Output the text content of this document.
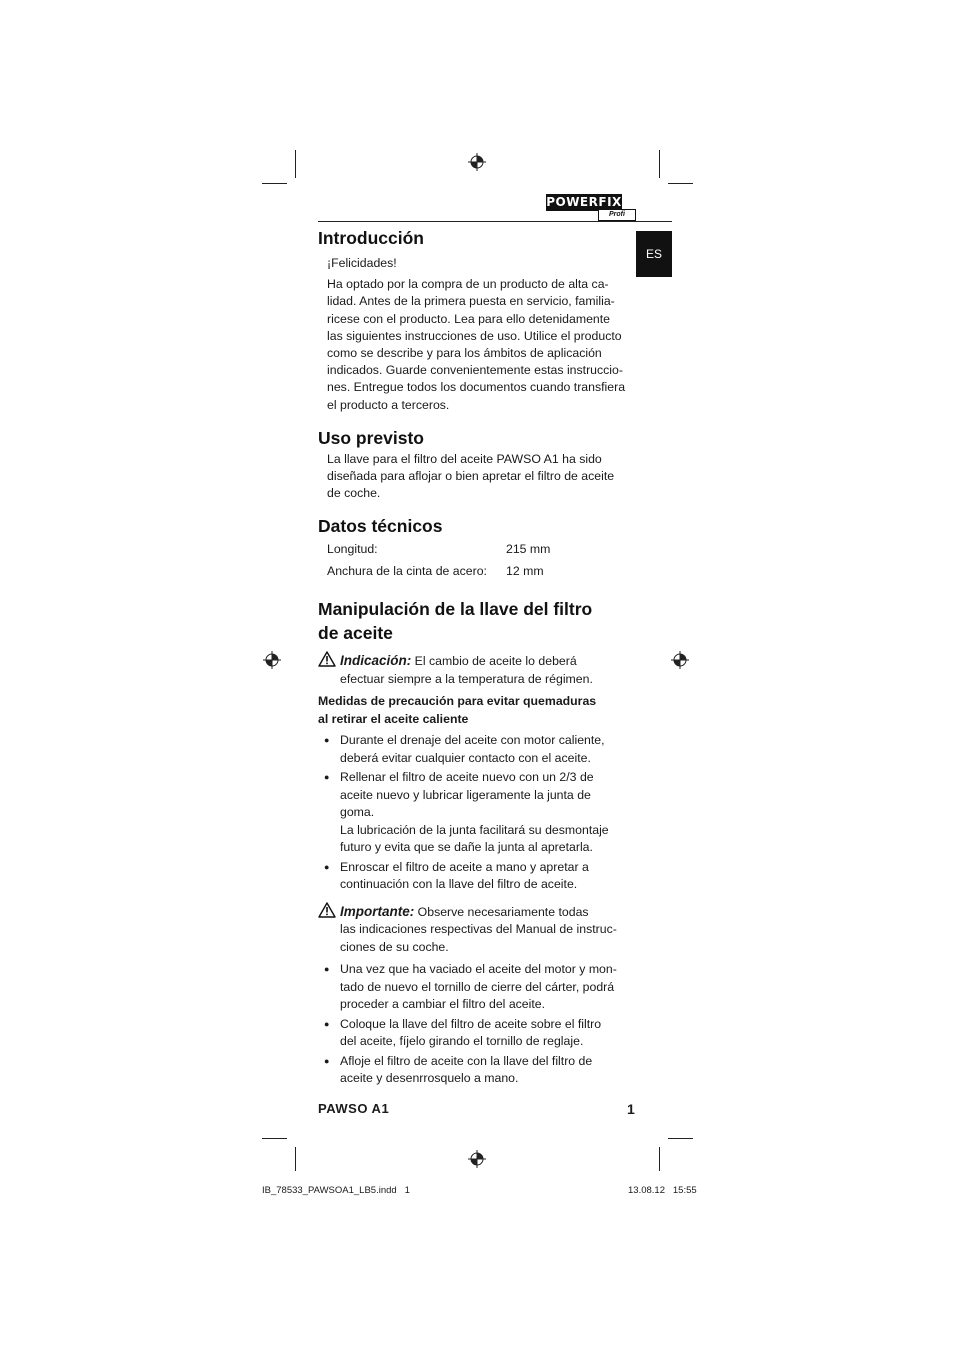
POWERFIX
Profi
ES
Introducción

¡Felicidades!

Ha optado por la compra de un producto de alta ca-

lidad. Antes de la primera puesta en servicio, familia-

ricese con el producto. Lea para ello detenidamente

las siguientes instrucciones de uso. Utilice el producto

como se describe y para los ámbitos de aplicación

indicados. Guarde convenientemente estas instruccio-

nes. Entregue todos los documentos cuando transfiera

el producto a terceros.

Uso previsto

La llave para el filtro del aceite PAWSO A1 ha sido

diseñada para aflojar o bien apretar el filtro de aceite

de coche.

Datos técnicos
Longitud:	215 mm
Anchura de la cinta de acero: 12 mm
Manipulación de la llave del filtro
de aceite
Indicación: El cambio de aceite lo deberá
efectuar siempre a la temperatura de régimen.

Medidas de precaución para evitar quemaduras

al retirar el aceite caliente

● Durante el drenaje del aceite con motor caliente,
deberá evitar cualquier contacto con el aceite.
● Rellenar el filtro de aceite nuevo con un 2/3 de
aceite nuevo y lubricar ligeramente la junta de goma.
La lubricación de la junta facilitará su desmontaje
futuro y evita que se dañe la junta al apretarla.
● Enroscar el filtro de aceite a mano y apretar a
continuación con la llave del filtro de aceite.
Importante: Observe necesariamente todas
las indicaciones respectivas del Manual de instruc-
ciones de su coche.
● Una vez que ha vaciado el aceite del motor y mon-
tado de nuevo el tornillo de cierre del cárter, podrá
proceder a cambiar el filtro del aceite.
● Coloque la llave del filtro de aceite sobre el filtro
del aceite, fíjelo girando el tornillo de reglaje.
● Afloje el filtro de aceite con la llave del filtro de
aceite y desenrrosquelo a mano.
PAWSO A1	1
IB_78533_PAWSOA1_LB5.indd   1	13.08.12   15:55
